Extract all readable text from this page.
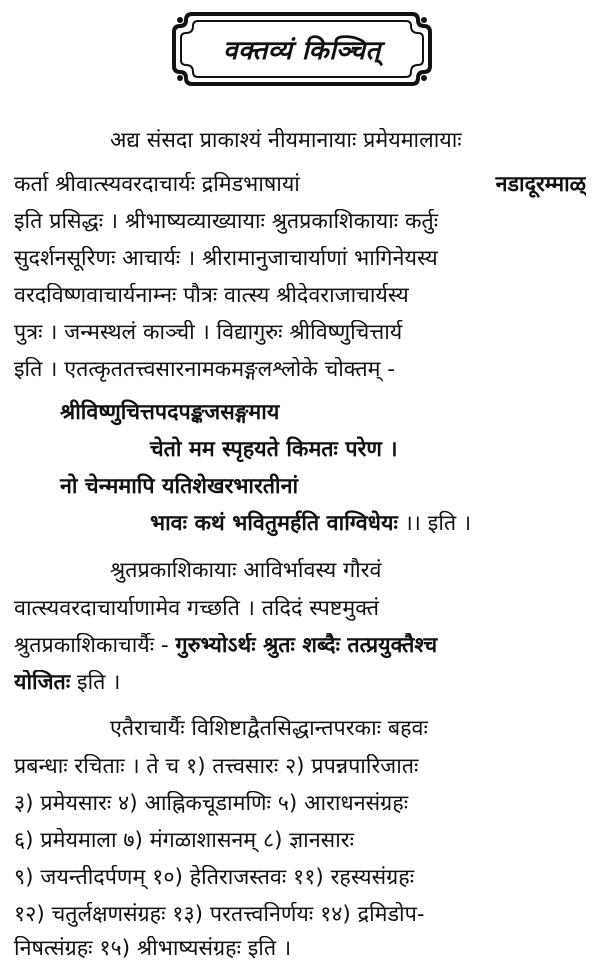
वक्तव्यं किञ्चित्
अद्य संसदा प्राकाश्यं नीयमानायाः प्रमेयमालायाः
कर्ता श्रीवात्स्यवरदाचार्यः द्रमिडभाषायां	नडादूरम्माळ्
इति प्रसिद्धः । श्रीभाष्यव्याख्यायाः श्रुतप्रकाशिकायाः कर्तुः
सुदर्शनसूरिणः आचार्यः । श्रीरामानुजाचार्याणां भागिनेयस्य
वरदविष्णवाचार्यनाम्नः पौत्रः वात्स्य श्रीदेवराजाचार्यस्य
पुत्रः । जन्मस्थलं काञ्ची । विद्यागुरुः श्रीविष्णुचित्तार्य
इति । एतत्कृततत्त्वसारनामकमङ्गलश्लोके चोक्तम् -
श्रीविष्णुचित्तपदपङ्कजसङ्गमाय
चेतो मम स्पृहयते किमतः परेण ।
नो चेन्ममापि यतिशेखरभारतीनां
भावः कथं भवितुमर्हति वाग्विधेयः ।। इति ।
श्रुतप्रकाशिकायाः आविर्भावस्य गौरवं
वात्स्यवरदाचार्याणामेव गच्छति । तदिदं स्पष्टमुक्तं
श्रुतप्रकाशिकाचार्यैः - गुरुभ्योऽर्थः श्रुतः शब्दैः तत्प्रयुक्तैश्च
योजितः इति ।
एतैराचार्यैः विशिष्टाद्वैतसिद्धान्तपरकाः बहवः
प्रबन्धाः रचिताः । ते च १) तत्त्वसारः २) प्रपन्नपारिजातः
३) प्रमेयसारः ४) आह्निकचूडामणिः ५) आराधनसंग्रहः
६) प्रमेयमाला ७) मंगळाशासनम् ८) ज्ञानसारः
९) जयन्तीदर्पणम् १०) हेतिराजस्तवः ११) रहस्यसंग्रहः
१२) चतुर्लक्षणसंग्रहः १३) परतत्त्वनिर्णयः १४) द्रमिडोप-
निषत्संग्रहः १५) श्रीभाष्यसंग्रहः इति ।
